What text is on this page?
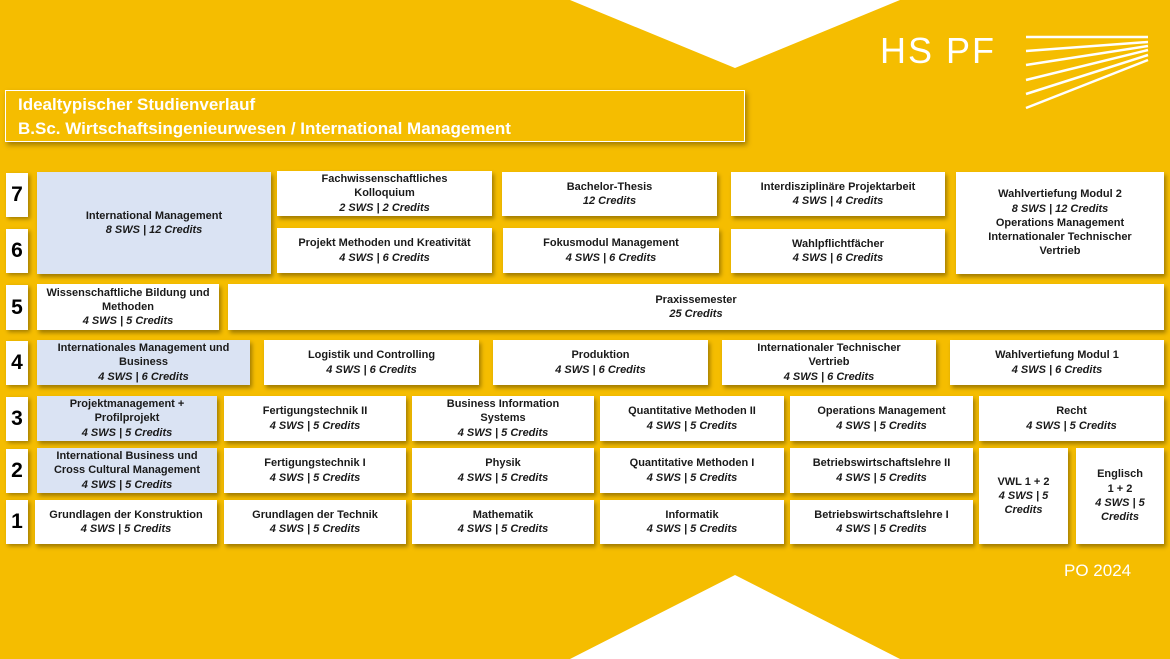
HS PF
Idealtypischer Studienverlauf
B.Sc. Wirtschaftsingenieurwesen / International Management
7
6
5
4
3
2
1
International Management
8 SWS | 12 Credits
Fachwissenschaftliches Kolloquium
2 SWS | 2 Credits
Bachelor-Thesis
12 Credits
Interdisziplinäre Projektarbeit
4 SWS | 4 Credits
Wahlvertiefung Modul 2
8 SWS | 12 Credits
Operations Management
Internationaler Technischer Vertrieb
Projekt Methoden und Kreativität
4 SWS | 6 Credits
Fokusmodul Management
4 SWS | 6 Credits
Wahlpflichtfächer
4 SWS | 6 Credits
Wissenschaftliche Bildung und Methoden
4 SWS | 5 Credits
Praxissemester
25 Credits
Internationales Management und Business
4 SWS | 6 Credits
Logistik und Controlling
4 SWS | 6 Credits
Produktion
4 SWS | 6 Credits
Internationaler Technischer Vertrieb
4 SWS | 6 Credits
Wahlvertiefung Modul 1
4 SWS | 6 Credits
Projektmanagement + Profilprojekt
4 SWS | 5 Credits
Fertigungstechnik II
4 SWS | 5 Credits
Business Information Systems
4 SWS | 5 Credits
Quantitative Methoden II
4 SWS | 5 Credits
Operations Management
4 SWS | 5 Credits
Recht
4 SWS | 5 Credits
International Business und Cross Cultural Management
4 SWS | 5 Credits
Fertigungstechnik I
4 SWS | 5 Credits
Physik
4 SWS | 5 Credits
Quantitative Methoden I
4 SWS | 5 Credits
Betriebswirtschaftslehre II
4 SWS | 5 Credits	VWL 1 + 2
4 SWS | 5
Credits
Englisch
1 + 2
4 SWS | 5
Credits
Grundlagen der Konstruktion
4 SWS | 5 Credits
Grundlagen der Technik
4 SWS | 5 Credits
Mathematik
4 SWS | 5 Credits
Informatik
4 SWS | 5 Credits
Betriebswirtschaftslehre I
4 SWS | 5 Credits
PO 2024
